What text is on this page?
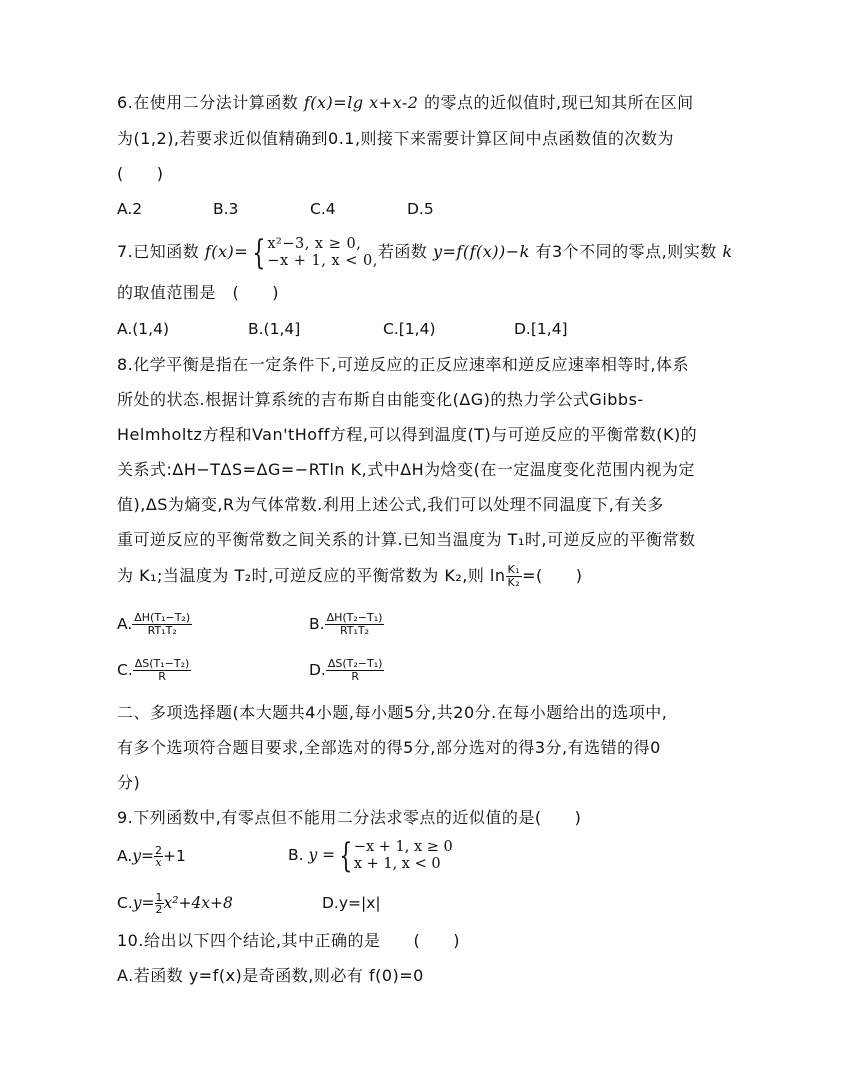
6.在使用二分法计算函数 f(x)=lg x+x-2 的零点的近似值时,现已知其所在区间
为(1,2),若要求近似值精确到0.1,则接下来需要计算区间中点函数值的次数为
(　　)
A.2	B.3	C.4	D.5
7.已知函数 f(x)= { x²−3, x ≥ 0,
−x + 1, x < 0, 若函数 y=f(f(x))−k 有3个不同的零点,则实数 k
的取值范围是　(　　)
A.(1,4)	B.(1,4]	C.[1,4)	D.[1,4]
8.化学平衡是指在一定条件下,可逆反应的正反应速率和逆反应速率相等时,体系
所处的状态.根据计算系统的吉布斯自由能变化(ΔG)的热力学公式Gibbs-
Helmholtz方程和Van'tHoff方程,可以得到温度(T)与可逆反应的平衡常数(K)的
关系式:ΔH−TΔS=ΔG=−RTln K,式中ΔH为焓变(在一定温度变化范围内视为定
值),ΔS为熵变,R为气体常数.利用上述公式,我们可以处理不同温度下,有关多
重可逆反应的平衡常数之间关系的计算.已知当温度为 T₁时,可逆反应的平衡常数
为 K₁;当温度为 T₂时,可逆反应的平衡常数为 K₂,则 $\ln \frac{\text{K₁}}{\text{K₂}}$ =(　　)
A. $\frac{\text{ΔH(T₁−T₂)}}{\text{RT₁T₂}}$	B. $\frac{\text{ΔH(T₂−T₁)}}{\text{RT₁T₂}}$
C. $\frac{\text{ΔS(T₁−T₂)}}{R}$	D. $\frac{\text{ΔS(T₂−T₁)}}{R}$
二、多项选择题(本大题共4小题,每小题5分,共20分.在每小题给出的选项中,
有多个选项符合题目要求,全部选对的得5分,部分选对的得3分,有选错的得0
分)
9.下列函数中,有零点但不能用二分法求零点的近似值的是(　　)
$A.y= \frac{2}{x} +1$	B. y = { −x + 1, x ≥ 0
x + 1, x < 0
$C.y= \frac{1}{2} x^2+4x+8$	D.y=|x|
10.给出以下四个结论,其中正确的是　　(　　)
A.若函数 y=f(x)是奇函数,则必有 f(0)=0
